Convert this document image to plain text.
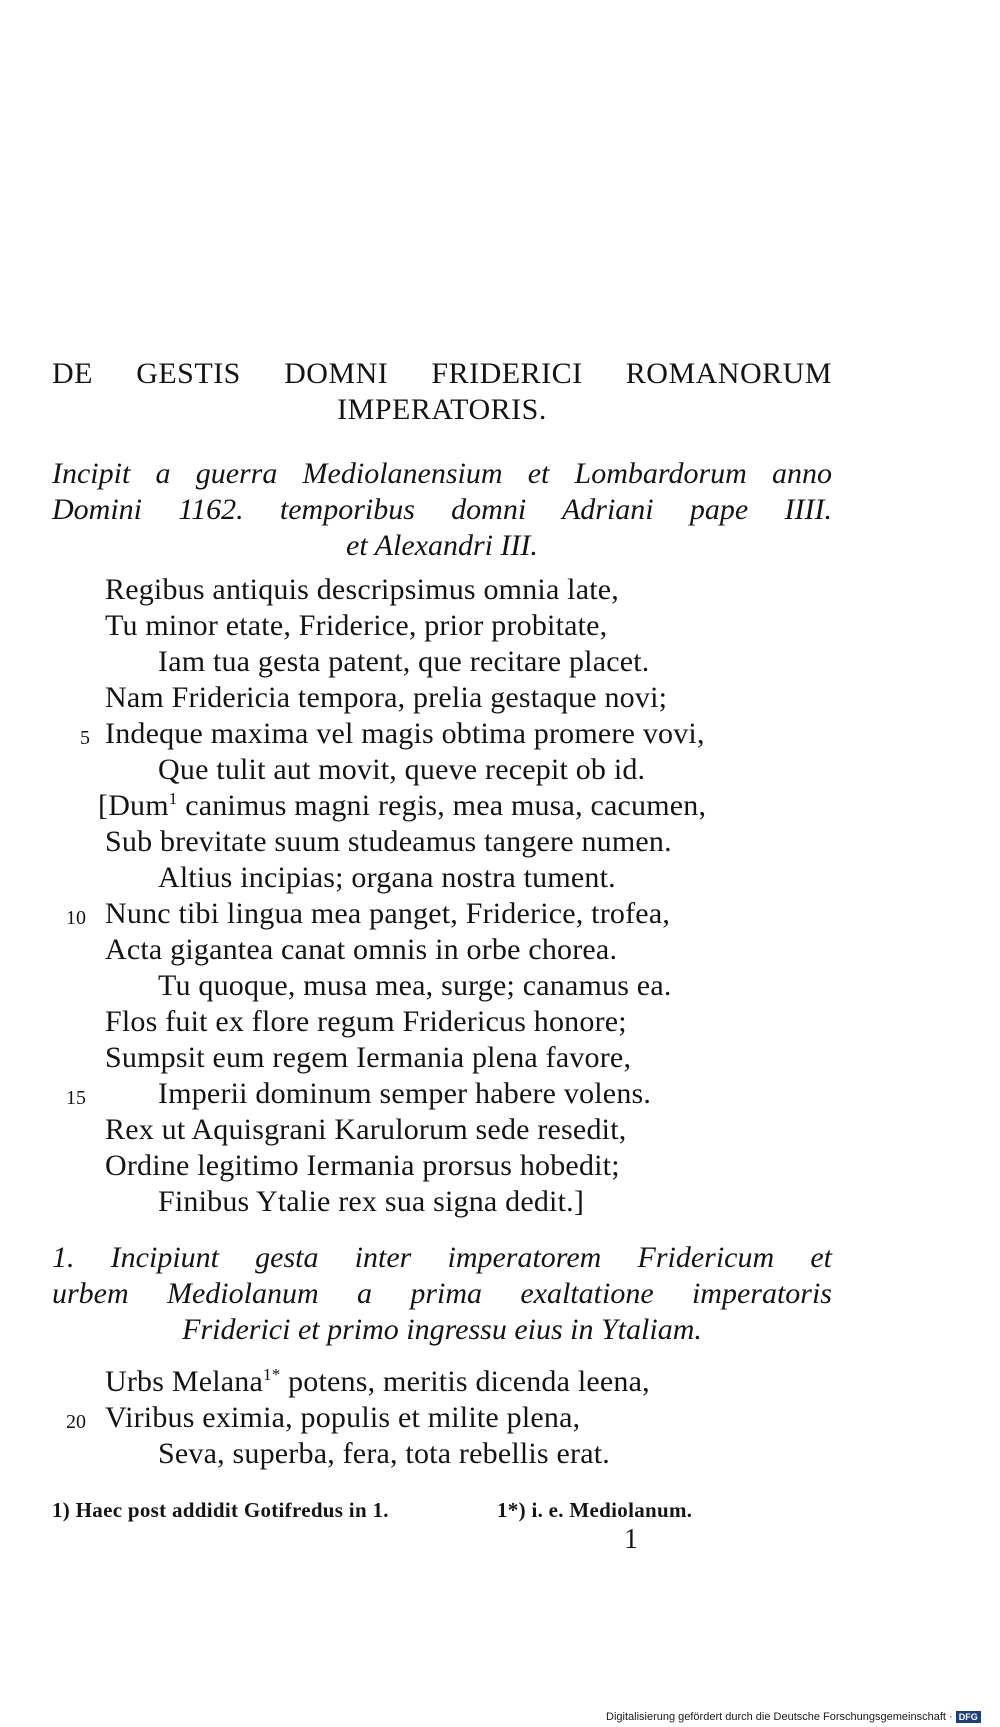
DE GESTIS DOMNI FRIDERICI ROMANORUM
IMPERATORIS.
Incipit a guerra Mediolanensium et Lombardorum anno
Domini 1162. temporibus domni Adriani pape IIII.
et Alexandri III.
Regibus antiquis descripsimus omnia late,
Tu minor etate, Friderice, prior probitate,
Iam tua gesta patent, que recitare placet.
Nam Fridericia tempora, prelia gestaque novi;
5 Indeque maxima vel magis obtima promere vovi,
Que tulit aut movit, queve recepit ob id.
[Dum$^1$ canimus magni regis, mea musa, cacumen,
Sub brevitate suum studeamus tangere numen.
Altius incipias; organa nostra tument.
10 Nunc tibi lingua mea panget, Friderice, trofea,
Acta gigantea canat omnis in orbe chorea.
Tu quoque, musa mea, surge; canamus ea.
Flos fuit ex flore regum Fridericus honore;
Sumpsit eum regem Iermania plena favore,
15 Imperii dominum semper habere volens.
Rex ut Aquisgrani Karulorum sede resedit,
Ordine legitimo Iermania prorsus hobedit;
Finibus Ytalie rex sua signa dedit.]
1. Incipiunt gesta inter imperatorem Fridericum et
urbem Mediolanum a prima exaltatione imperatoris
Friderici et primo ingressu eius in Ytaliam.
Urbs Melana$^{1*}$ potens, meritis dicenda leena,
20 Viribus eximia, populis et milite plena,
Seva, superba, fera, tota rebellis erat.
1) Haec post addidit Gotifredus in 1.	1*) i. e. Mediolanum.
1
Digitalisierung gefördert durch die Deutsche Forschungsgemeinschaft · DFG
